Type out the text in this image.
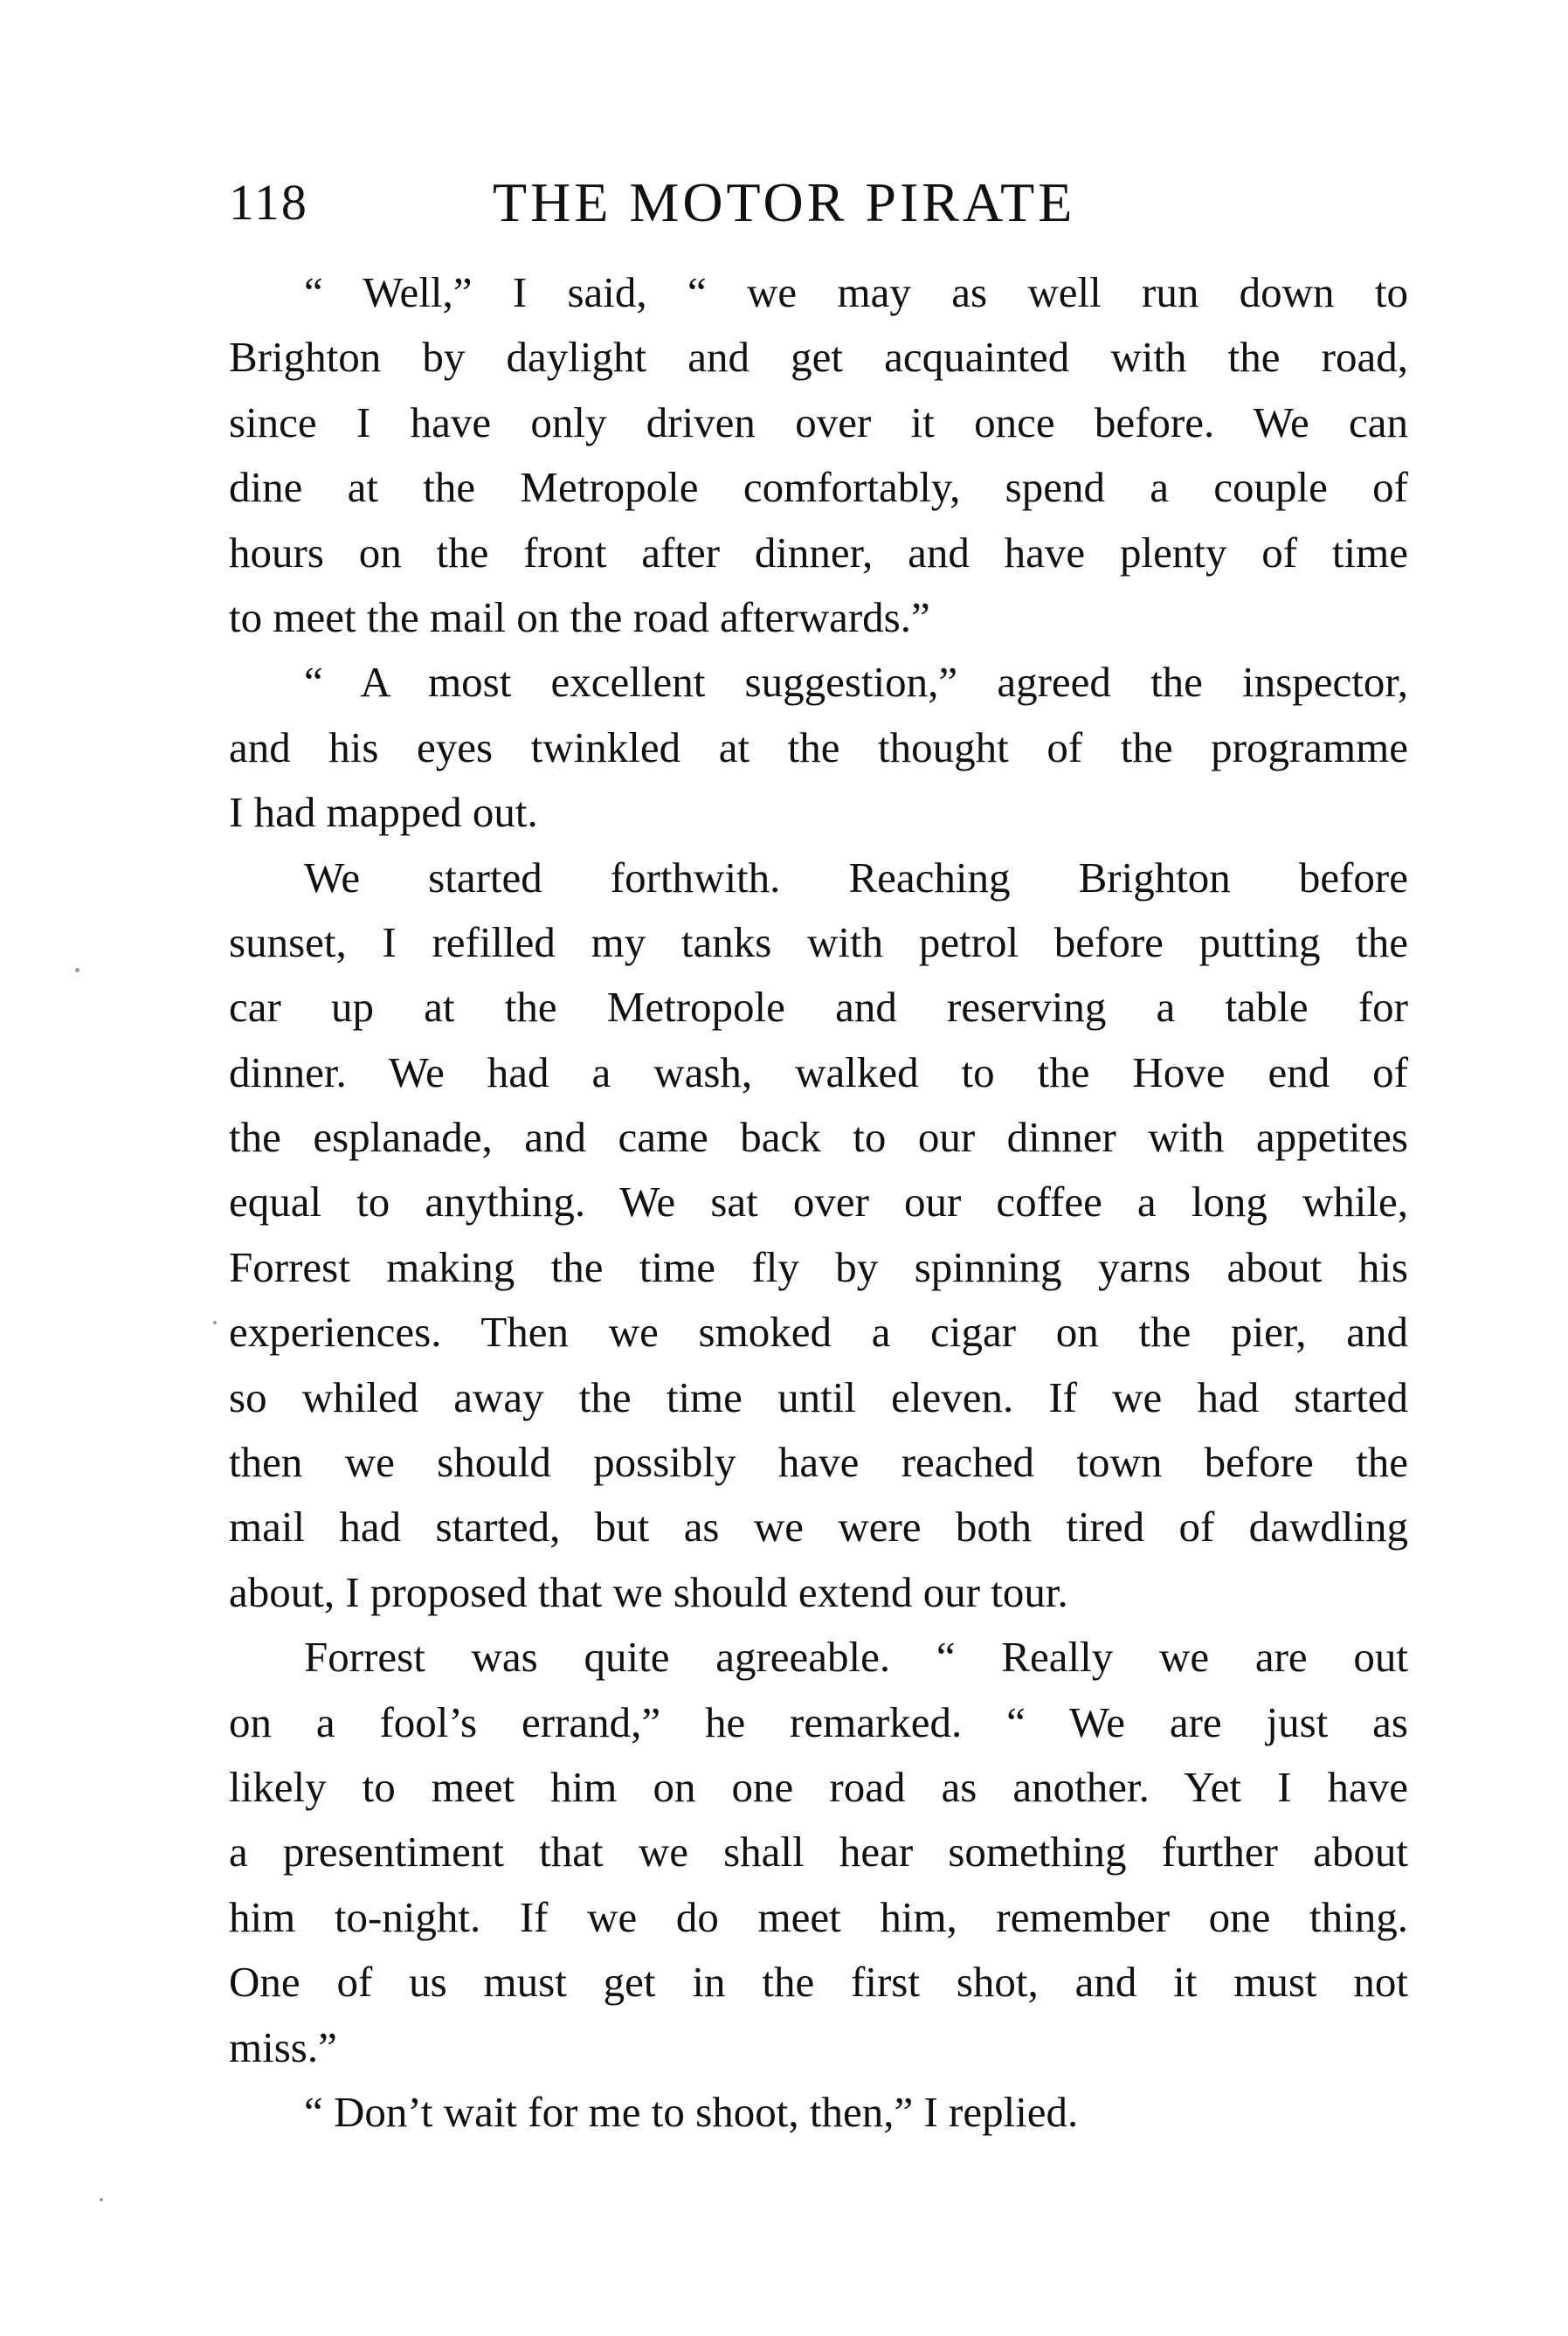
118	THE MOTOR PIRATE
“ Well,” I said, “ we may as well run down to
Brighton by daylight and get acquainted with the road,
since I have only driven over it once before. We can
dine at the Metropole comfortably, spend a couple of
hours on the front after dinner, and have plenty of time
to meet the mail on the road afterwards.”
“ A most excellent suggestion,” agreed the inspector,
and his eyes twinkled at the thought of the programme
I had mapped out.
We started forthwith. Reaching Brighton before
sunset, I refilled my tanks with petrol before putting the
car up at the Metropole and reserving a table for
dinner. We had a wash, walked to the Hove end of
the esplanade, and came back to our dinner with appetites
equal to anything. We sat over our coffee a long while,
Forrest making the time fly by spinning yarns about his
experiences. Then we smoked a cigar on the pier, and
so whiled away the time until eleven. If we had started
then we should possibly have reached town before the
mail had started, but as we were both tired of dawdling
about, I proposed that we should extend our tour.
Forrest was quite agreeable. “ Really we are out
on a fool’s errand,” he remarked. “ We are just as
likely to meet him on one road as another. Yet I have
a presentiment that we shall hear something further about
him to-night. If we do meet him, remember one thing.
One of us must get in the first shot, and it must not
miss.”
“ Don’t wait for me to shoot, then,” I replied.
